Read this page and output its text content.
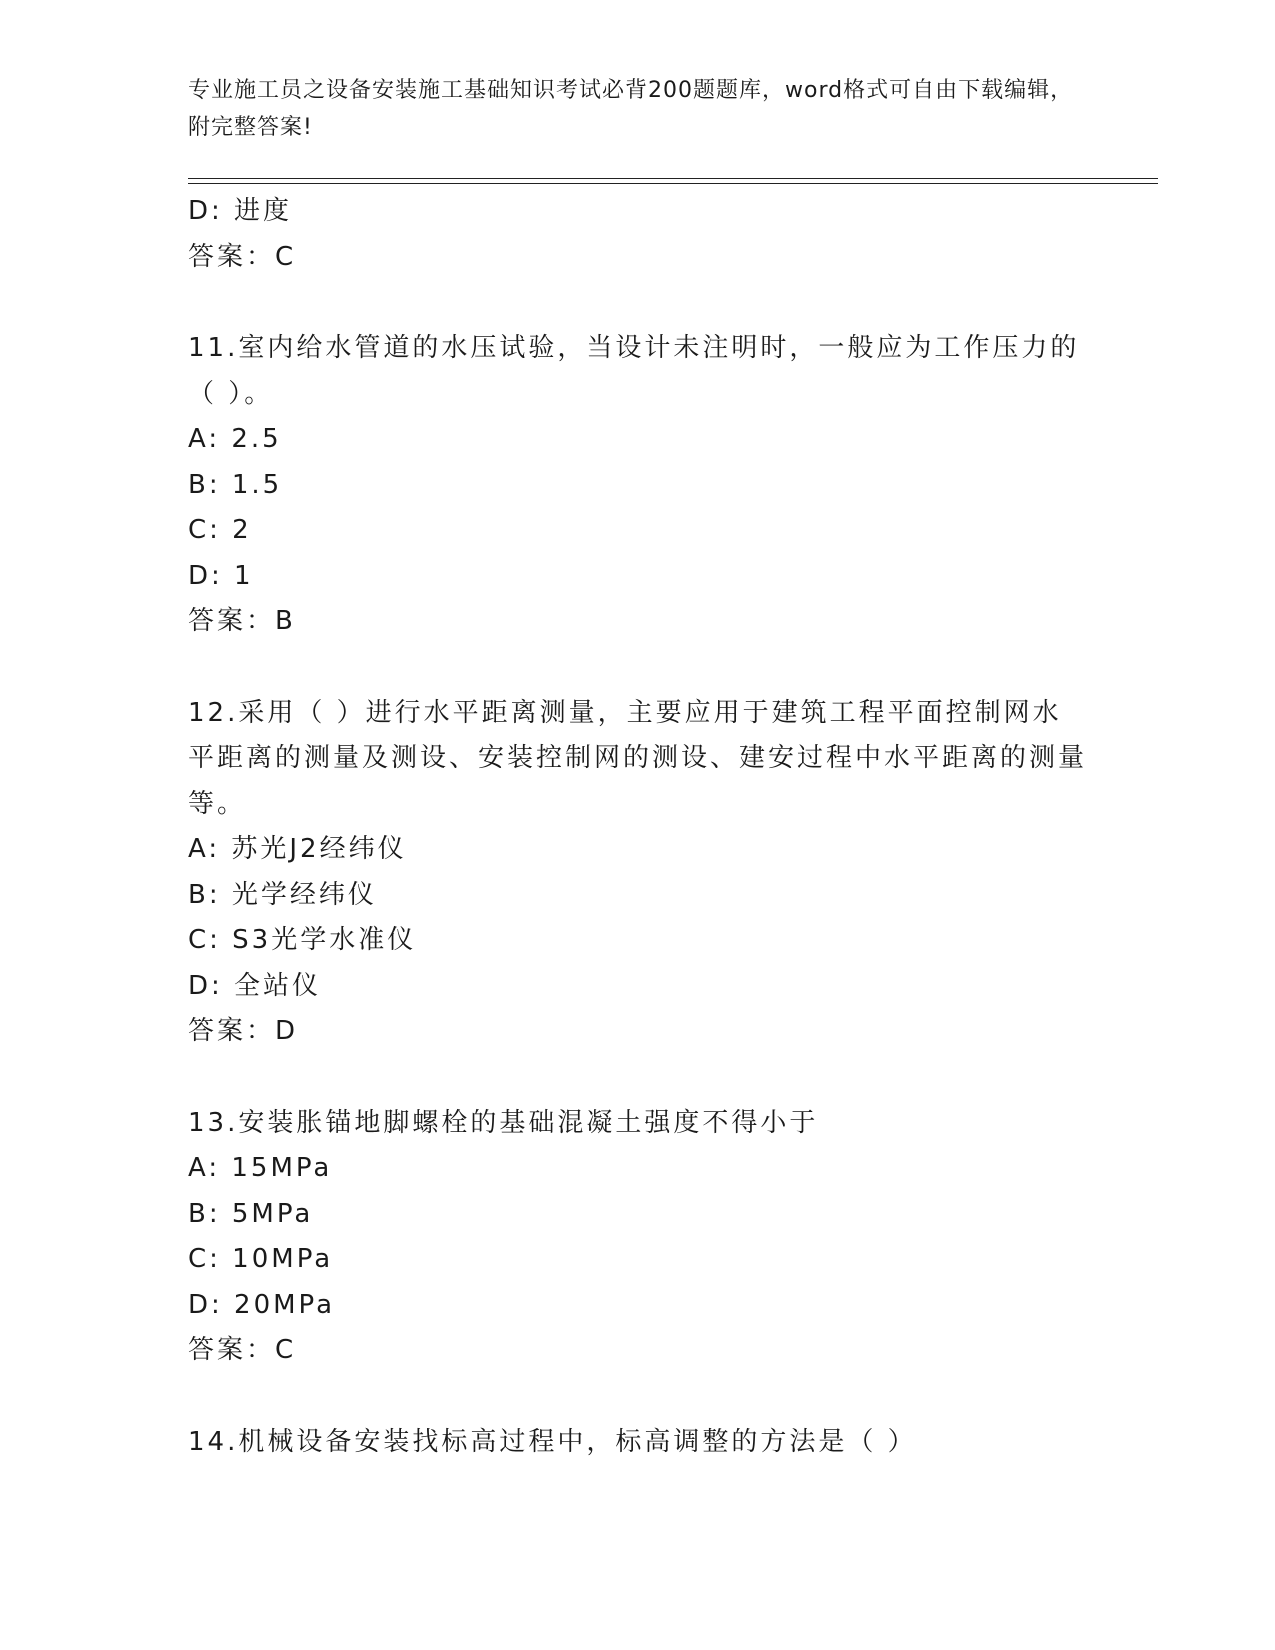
专业施工员之设备安装施工基础知识考试必背200题题库，word格式可自由下载编辑，附完整答案!
D: 进度
答案：C
11.室内给水管道的水压试验，当设计未注明时，一般应为工作压力的（ ）。
A: 2.5
B: 1.5
C: 2
D: 1
答案：B
12.采用（ ）进行水平距离测量，主要应用于建筑工程平面控制网水平距离的测量及测设、安装控制网的测设、建安过程中水平距离的测量等。
A: 苏光J2经纬仪
B: 光学经纬仪
C: S3光学水准仪
D: 全站仪
答案：D
13.安装胀锚地脚螺栓的基础混凝土强度不得小于
A: 15MPa
B: 5MPa
C: 10MPa
D: 20MPa
答案：C
14.机械设备安装找标高过程中，标高调整的方法是（ ）
